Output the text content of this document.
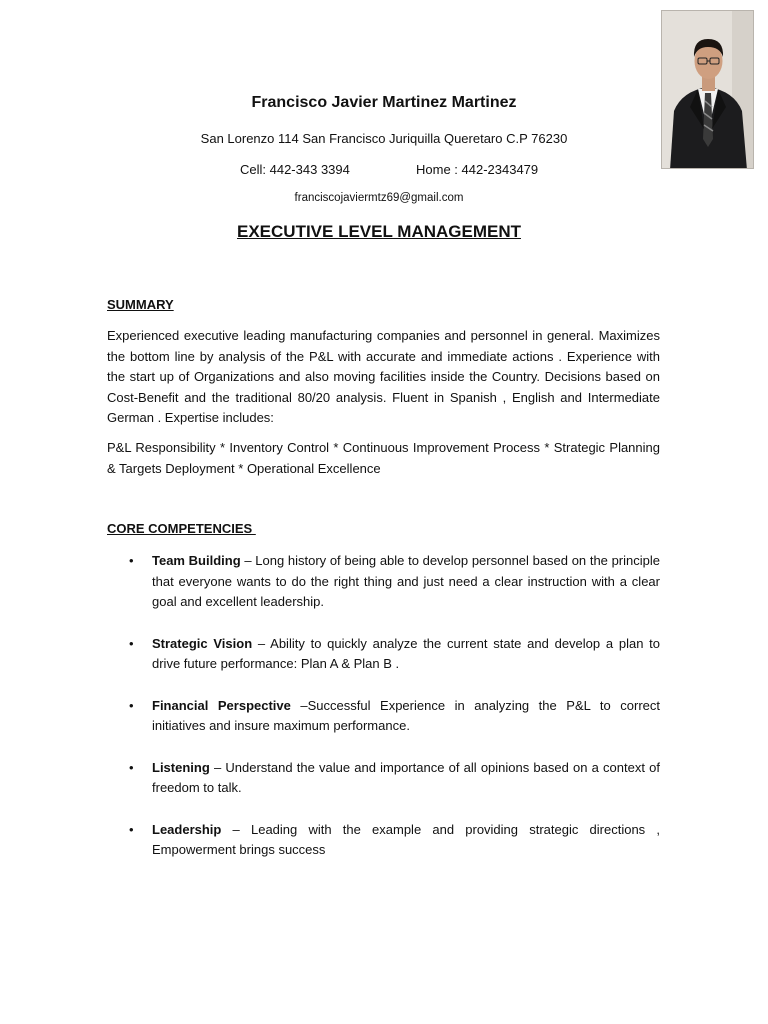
Francisco Javier Martinez Martinez
San Lorenzo 114 San Francisco Juriquilla Queretaro C.P 76230
Cell: 442-343 3394	Home : 442-2343479
franciscojaviermtz69@gmail.com
EXECUTIVE LEVEL MANAGEMENT
SUMMARY
Experienced executive leading manufacturing companies and personnel in general. Maximizes the bottom line by analysis of the P&L with accurate and immediate actions . Experience with the start up of Organizations and also moving facilities inside the Country. Decisions based on Cost-Benefit and the traditional 80/20 analysis. Fluent in Spanish , English and Intermediate German . Expertise includes:
P&L Responsibility * Inventory Control * Continuous Improvement Process * Strategic Planning & Targets Deployment * Operational Excellence
CORE COMPETENCIES
• Team Building – Long history of being able to develop personnel based on the principle that everyone wants to do the right thing and just need a clear instruction with a clear goal and excellent leadership.
• Strategic Vision – Ability to quickly analyze the current state and develop a plan to drive future performance: Plan A & Plan B .
• Financial Perspective –Successful Experience in analyzing the P&L to correct initiatives and insure maximum performance.
• Listening – Understand the value and importance of all opinions based on a context of freedom to talk.
• Leadership – Leading with the example and providing strategic directions , Empowerment brings success
